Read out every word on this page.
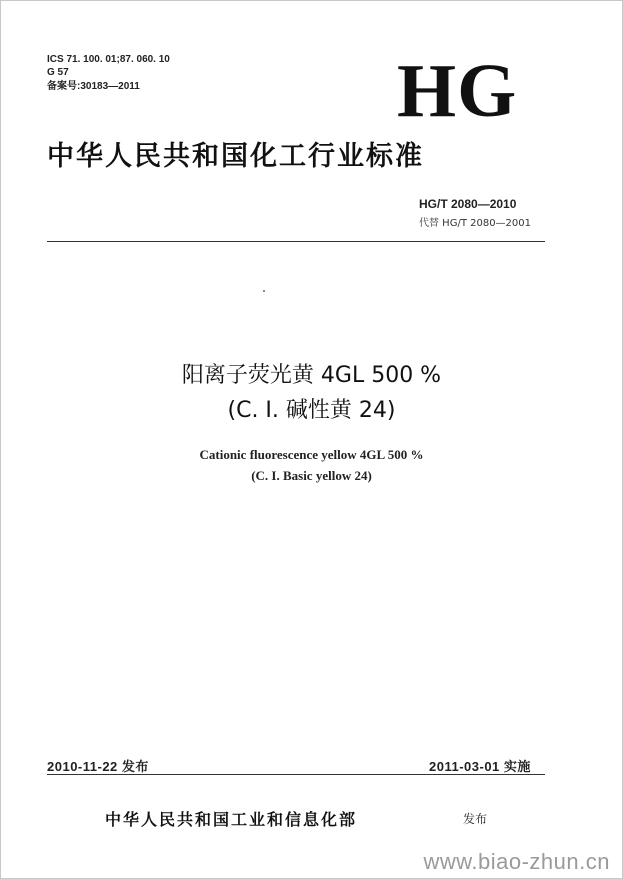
ICS 71. 100. 01;87. 060. 10
G 57
备案号:30183—2011	HG
中华人民共和国化工行业标准
HG/T 2080—2010
代替 HG/T 2080—2001
阳离子荧光黄 4GL 500 %
(C. I. 碱性黄 24)
Cationic fluorescence yellow 4GL 500 %
(C. I. Basic yellow 24)
2010-11-22 发布	2011-03-01 实施
中华人民共和国工业和信息化部	发布
www.biao-zhun.cn
